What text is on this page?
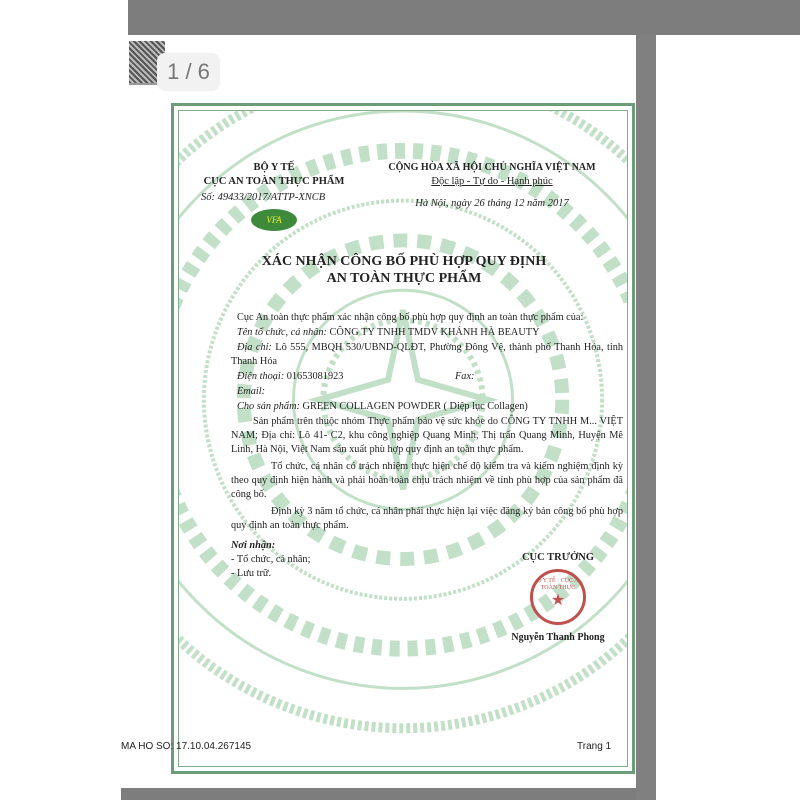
1 / 6
BỘ Y TẾ
CỤC AN TOÀN THỰC PHẨM
Số: 49433/2017/ATTP-XNCB
VFA
CỘNG HÒA XÃ HỘI CHỦ NGHĨA VIỆT NAM
Độc lập - Tự do - Hạnh phúc
Hà Nội, ngày 26 tháng 12 năm 2017
XÁC NHẬN CÔNG BỐ PHÙ HỢP QUY ĐỊNH
AN TOÀN THỰC PHẨM
Cục An toàn thực phẩm xác nhận công bố phù hợp quy định an toàn thực phẩm của:
Tên tổ chức, cá nhân: CÔNG TY TNHH TMDV KHÁNH HÀ BEAUTY
Địa chỉ: Lô 555, MBQH 530/UBND-QLĐT, Phường Đông Vệ, thành phố Thanh Hóa, tỉnh Thanh Hóa
Điện thoại: 01653081923	Fax:
Email:
Cho sản phẩm: GREEN COLLAGEN POWDER ( Diệp lục Collagen)
Sản phẩm trên thuộc nhóm Thực phẩm bảo vệ sức khỏe do CÔNG TY TNHH M... VIỆT NAM; Địa chỉ: Lô 41- C2, khu công nghiệp Quang Minh, Thị trấn Quang Minh, Huyện Mê Linh, Hà Nội, Việt Nam sản xuất phù hợp quy định an toàn thực phẩm.
Tổ chức, cá nhân có trách nhiệm thực hiện chế độ kiểm tra và kiểm nghiệm định kỳ theo quy định hiện hành và phải hoàn toàn chịu trách nhiệm về tính phù hợp của sản phẩm đã công bố.
Định kỳ 3 năm tổ chức, cá nhân phải thực hiện lại việc đăng ký bản công bố phù hợp quy định an toàn thực phẩm.
Nơi nhận:
- Tổ chức, cá nhân;
- Lưu trữ.
CỤC TRƯỞNG
BỘ Y TẾ · CỤC AN TOÀN THỰC
★
Nguyễn Thanh Phong
MA HO SO: 17.10.04.267145	Trang 1
